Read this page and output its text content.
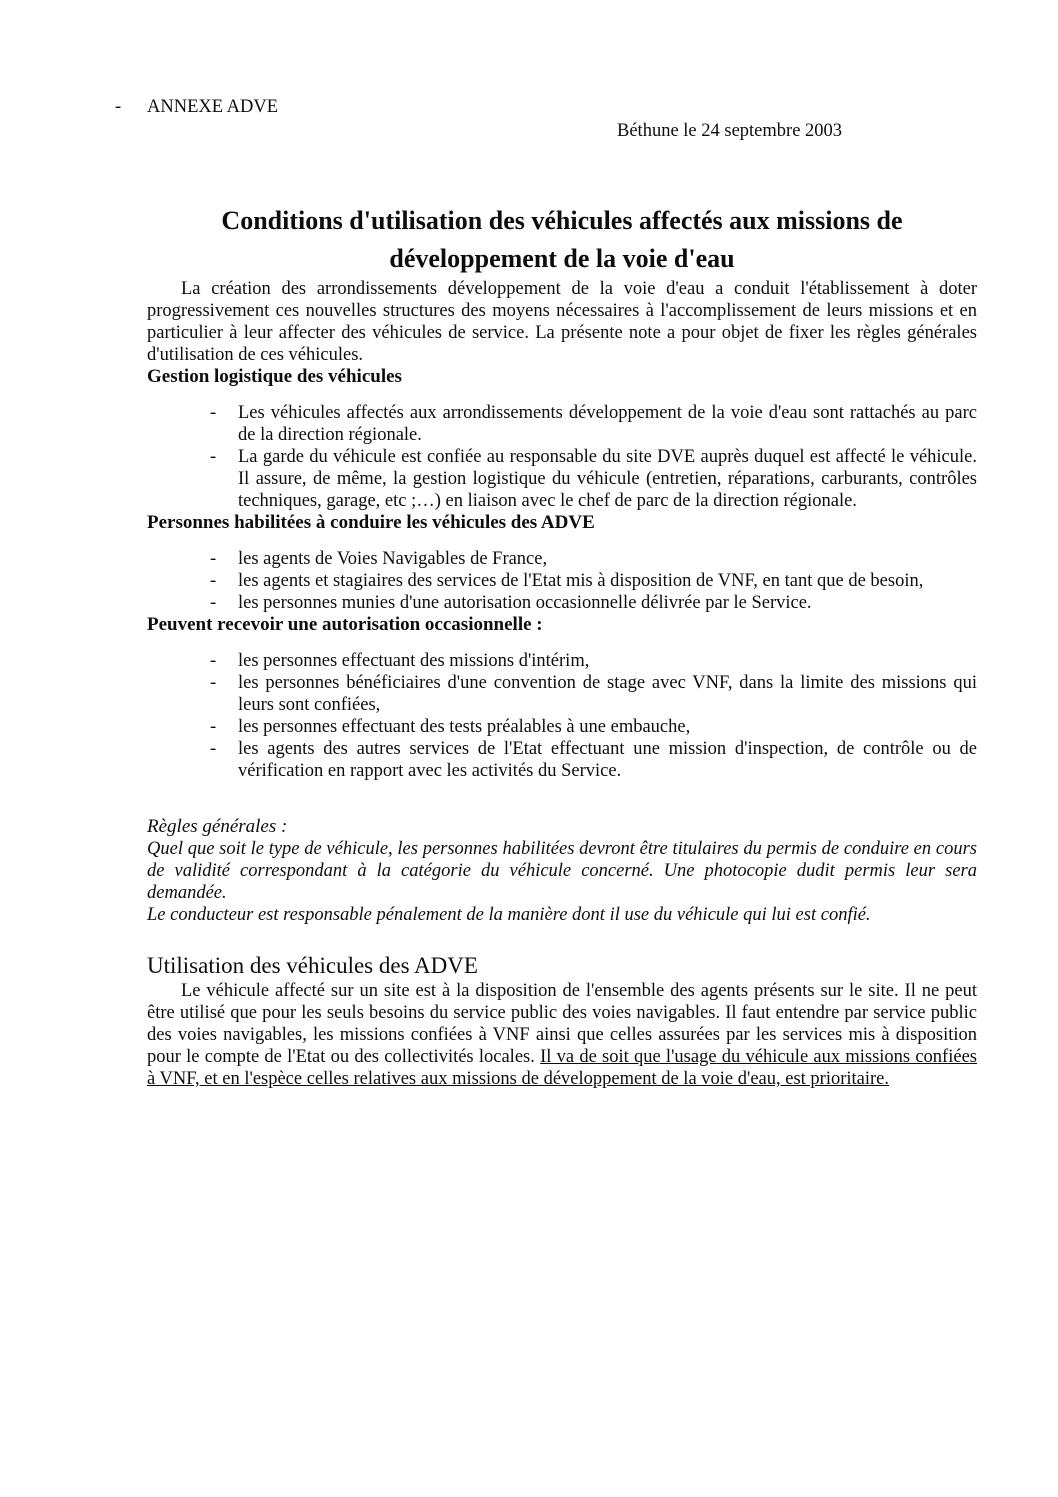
-	ANNEXE ADVE
Béthune le 24 septembre 2003
Conditions d'utilisation des véhicules affectés aux missions de développement de la voie d'eau

La création des arrondissements développement de la voie d'eau a conduit l'établissement à doter progressivement ces nouvelles structures des moyens nécessaires à l'accomplissement de leurs missions et en particulier à leur affecter des véhicules de service. La présente note a pour objet de fixer les règles générales d'utilisation de ces véhicules.

Gestion logistique des véhicules
-	Les véhicules affectés aux arrondissements développement de la voie d'eau sont rattachés au parc de la direction régionale.
-	La garde du véhicule est confiée au responsable du site DVE auprès duquel est affecté le véhicule. Il assure, de même, la gestion logistique du véhicule (entretien, réparations, carburants, contrôles techniques, garage, etc ;…) en liaison avec le chef de parc de la direction régionale.
Personnes habilitées à conduire les véhicules des ADVE
-	les agents de Voies Navigables de France,
-	les agents et stagiaires des services de l'Etat mis à disposition de VNF, en tant que de besoin,
-	les personnes munies d'une autorisation occasionnelle délivrée par le Service.
Peuvent recevoir une autorisation occasionnelle :
-	les personnes effectuant des missions d'intérim,
-	les personnes bénéficiaires d'une convention de stage avec VNF, dans la limite des missions qui leurs sont confiées,
-	les personnes effectuant des tests préalables à une embauche,
-	les agents des autres services de l'Etat effectuant une mission d'inspection, de contrôle ou de vérification en rapport avec les activités du Service.
Règles générales :

Quel que soit le type de véhicule, les personnes habilitées devront être titulaires du permis de conduire en cours de validité correspondant à la catégorie du véhicule concerné. Une photocopie dudit permis leur sera demandée.

Le conducteur est responsable pénalement de la manière dont il use du véhicule qui lui est confié.

Utilisation des véhicules des ADVE

Le véhicule affecté sur un site est à la disposition de l'ensemble des agents présents sur le site. Il ne peut être utilisé que pour les seuls besoins du service public des voies navigables. Il faut entendre par service public des voies navigables, les missions confiées à VNF ainsi que celles assurées par les services mis à disposition pour le compte de l'Etat ou des collectivités locales. Il va de soit que l'usage du véhicule aux missions confiées à VNF, et en l'espèce celles relatives aux missions de développement de la voie d'eau, est prioritaire.
